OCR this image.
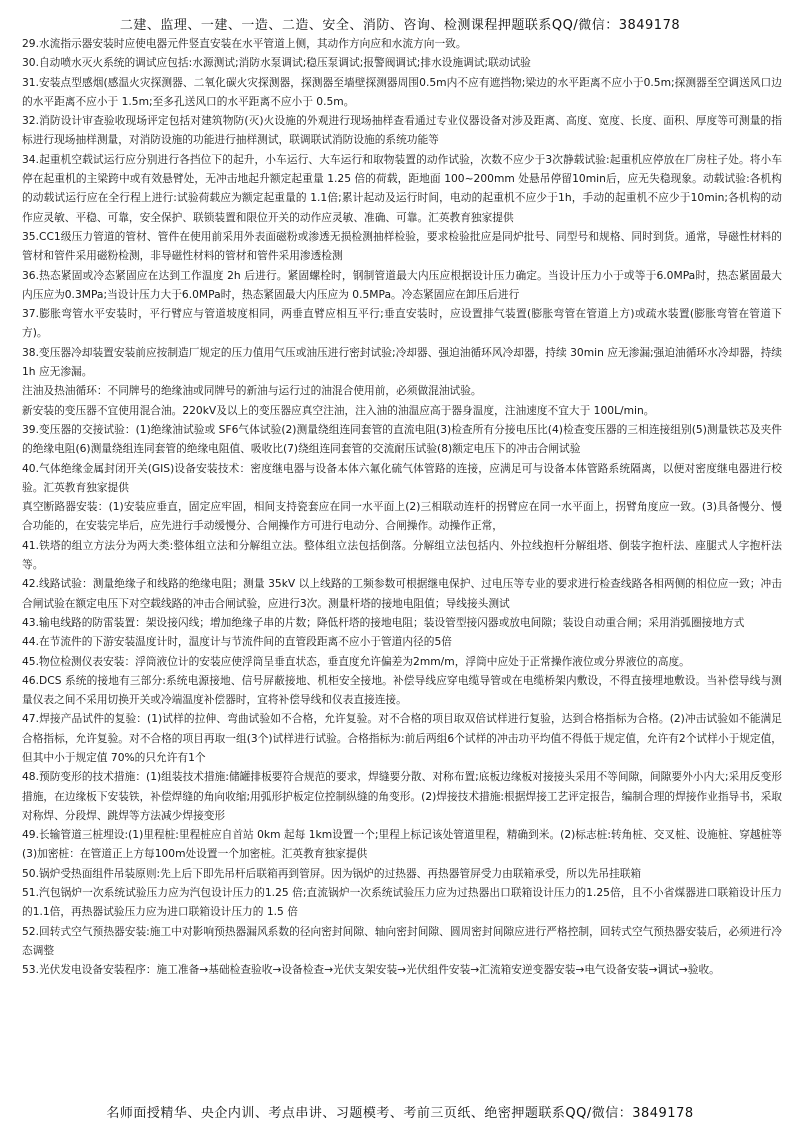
二建、监理、一建、一造、二造、安全、消防、咨询、检测课程押题联系QQ/微信：3849178

29.水流指示器安装时应使电器元件竖直安装在水平管道上侧，其动作方向应和水流方向一致。

30.自动喷水灭火系统的调试应包括:水源测试;消防水泵调试;稳压泵调试;报警阀调试;排水设施调试;联动试验

31.安装点型感烟(感温火灾探测器、二氧化碳火灾探测器，探测器至墙壁探测器周围0.5m内不应有遮挡物;梁边的水平距离不应小于0.5m;探测器至空调送风口边的水平距离不应小于 1.5m;至多孔送风口的水平距离不应小于 0.5m。

32.消防设计审查验收现场评定包括对建筑物防(灭)火设施的外观进行现场抽样查看通过专业仪器设备对涉及距离、高度、宽度、长度、面积、厚度等可测量的指标进行现场抽样测量，对消防设施的功能进行抽样测试，联调联试消防设施的系统功能等

34.起重机空载试运行应分别进行各挡位下的起升，小车运行、大车运行和取物装置的动作试验，次数不应少于3次静载试验:起重机应停放在厂房柱子处。将小车停在起重机的主梁跨中或有效悬臂处，无冲击地起升额定起重量 1.25 倍的荷载，距地面 100~200mm 处悬吊停留10min后，应无失稳现象。动载试验:各机构的动载试运行应在全行程上进行:试验荷载应为额定起重量的 1.1倍;累计起动及运行时间，电动的起重机不应少于1h，手动的起重机不应少于10min;各机构的动作应灵敏、平稳、可靠，安全保护、联锁装置和限位开关的动作应灵敏、准确、可靠。汇英教育独家提供

35.CC1级压力管道的管材、管件在使用前采用外表面磁粉或渗透无损检测抽样检验，要求检验批应是同炉批号、同型号和规格、同时到货。通常，导磁性材料的管材和管件采用磁粉检测，非导磁性材料的管材和管件采用渗透检测

36.热态紧固或冷态紧固应在达到工作温度 2h 后进行。紧固螺栓时，钢制管道最大内压应根据设计压力确定。当设计压力小于或等于6.0MPa时，热态紧固最大内压应为0.3MPa;当设计压力大于6.0MPa时，热态紧固最大内压应为 0.5MPa。冷态紧固应在卸压后进行

37.膨胀弯管水平安装时，平行臂应与管道坡度相同，两垂直臂应相互平行;垂直安装时，应设置排气装置(膨胀弯管在管道上方)或疏水装置(膨胀弯管在管道下方)。

38.变压器冷却装置安装前应按制造厂规定的压力值用气压或油压进行密封试验;冷却器、强迫油循环风冷却器，持续 30min 应无渗漏;强迫油循环水冷却器，持续 1h 应无渗漏。

注油及热油循环：不同牌号的绝缘油或同牌号的新油与运行过的油混合使用前，必须做混油试验。

新安装的变压器不宜使用混合油。220kV及以上的变压器应真空注油，注入油的油温应高于器身温度，注油速度不宜大于 100L/min。

39.变压器的交接试验：(1)绝缘油试验或 SF6气体试验(2)测量绕组连同套管的直流电阻(3)检查所有分接电压比(4)检查变压器的三相连接组别(5)测量铁芯及夹件的绝缘电阻(6)测量绕组连同套管的绝缘电阻值、吸收比(7)绕组连同套管的交流耐压试验(8)额定电压下的冲击合闸试验

40.气体绝缘金属封闭开关(GIS)设备安装技术：密度继电器与设备本体六氟化硫气体管路的连接，应满足可与设备本体管路系统隔离，以便对密度继电器进行校验。汇英教育独家提供

真空断路器安装：(1)安装应垂直，固定应牢固，相间支持瓷套应在同一水平面上(2)三相联动连杆的拐臂应在同一水平面上，拐臂角度应一致。(3)具备慢分、慢合功能的，在安装完毕后，应先进行手动缓慢分、合闸操作方可进行电动分、合闸操作。动操作正常，

41.铁塔的组立方法分为两大类:整体组立法和分解组立法。整体组立法包括倒落。分解组立法包括内、外拉线抱杆分解组塔、倒装字抱杆法、座腿式人字抱杆法等。

42.线路试验：测量绝缘子和线路的绝缘电阻；测量 35kV 以上线路的工频参数可根据继电保护、过电压等专业的要求进行检查线路各相两侧的相位应一致；冲击合闸试验在额定电压下对空载线路的冲击合闸试验，应进行3次。测量杆塔的接地电阻值；导线接头测试

43.输电线路的防雷装置：架设接闪线；增加绝缘子串的片数；降低杆塔的接地电阻；装设管型接闪器或放电间隙；装设自动重合闸；采用消弧圈接地方式

44.在节流件的下游安装温度计时，温度计与节流件间的直管段距离不应小于管道内径的5倍

45.物位检测仪表安装：浮筒液位计的安装应使浮筒呈垂直状态，垂直度允许偏差为2mm/m，浮筒中应处于正常操作液位或分界液位的高度。

46.DCS 系统的接地有三部分:系统电源接地、信号屏蔽接地、机柜安全接地。补偿导线应穿电缆导管或在电缆桥架内敷设，不得直接埋地敷设。当补偿导线与测量仪表之间不采用切换开关或冷端温度补偿器时，宜将补偿导线和仪表直接连接。

47.焊接产品试件的复验：(1)试样的拉伸、弯曲试验如不合格，允许复验。对不合格的项目取双倍试样进行复验，达到合格指标为合格。(2)冲击试验如不能满足合格指标，允许复验。对不合格的项目再取一组(3个)试样进行试验。合格指标为:前后两组6个试样的冲击功平均值不得低于规定值，允许有2个试样小于规定值，但其中小于规定值 70%的只允许有1个

48.预防变形的技术措施：(1)组装技术措施:储罐排板要符合规范的要求，焊缝要分散、对称布置;底板边缘板对接接头采用不等间隙，间隙要外小内大;采用反变形措施，在边缘板下安装铁，补偿焊缝的角向收缩;用弧形护板定位控制纵缝的角变形。(2)焊接技术措施:根据焊接工艺评定报告，编制合理的焊接作业指导书，采取对称焊、分段焊、跳焊等方法减少焊接变形

49.长输管道三桩埋设:(1)里程桩:里程桩应自首站 0km 起每 1km设置一个;里程上标记该处管道里程，精确到米。(2)标志桩:转角桩、交叉桩、设施桩、穿越桩等(3)加密桩：在管道正上方每100m处设置一个加密桩。汇英教育独家提供

50.锅炉受热面组件吊装原则:先上后下即先吊杆后联箱再到管屏。因为锅炉的过热器、再热器管屏受力由联箱承受，所以先吊挂联箱

51.汽包锅炉一次系统试验压力应为汽包设计压力的1.25 倍;直流锅炉一次系统试验压力应为过热器出口联箱设计压力的1.25倍，且不小省煤器进口联箱设计压力的1.1倍，再热器试验压力应为进口联箱设计压力的 1.5 倍

52.回转式空气预热器安装:施工中对影响预热器漏风系数的径向密封间隙、轴向密封间隙、圆周密封间隙应进行严格控制，回转式空气预热器安装后，必须进行冷态调整

53.光伏发电设备安装程序：施工准备→基础检查验收→设备检查→光伏支架安装→光伏组件安装→汇流箱安逆变器安装→电气设备安装→调试→验收。

名师面授精华、央企内训、考点串讲、习题模考、考前三页纸、绝密押题联系QQ/微信：3849178
